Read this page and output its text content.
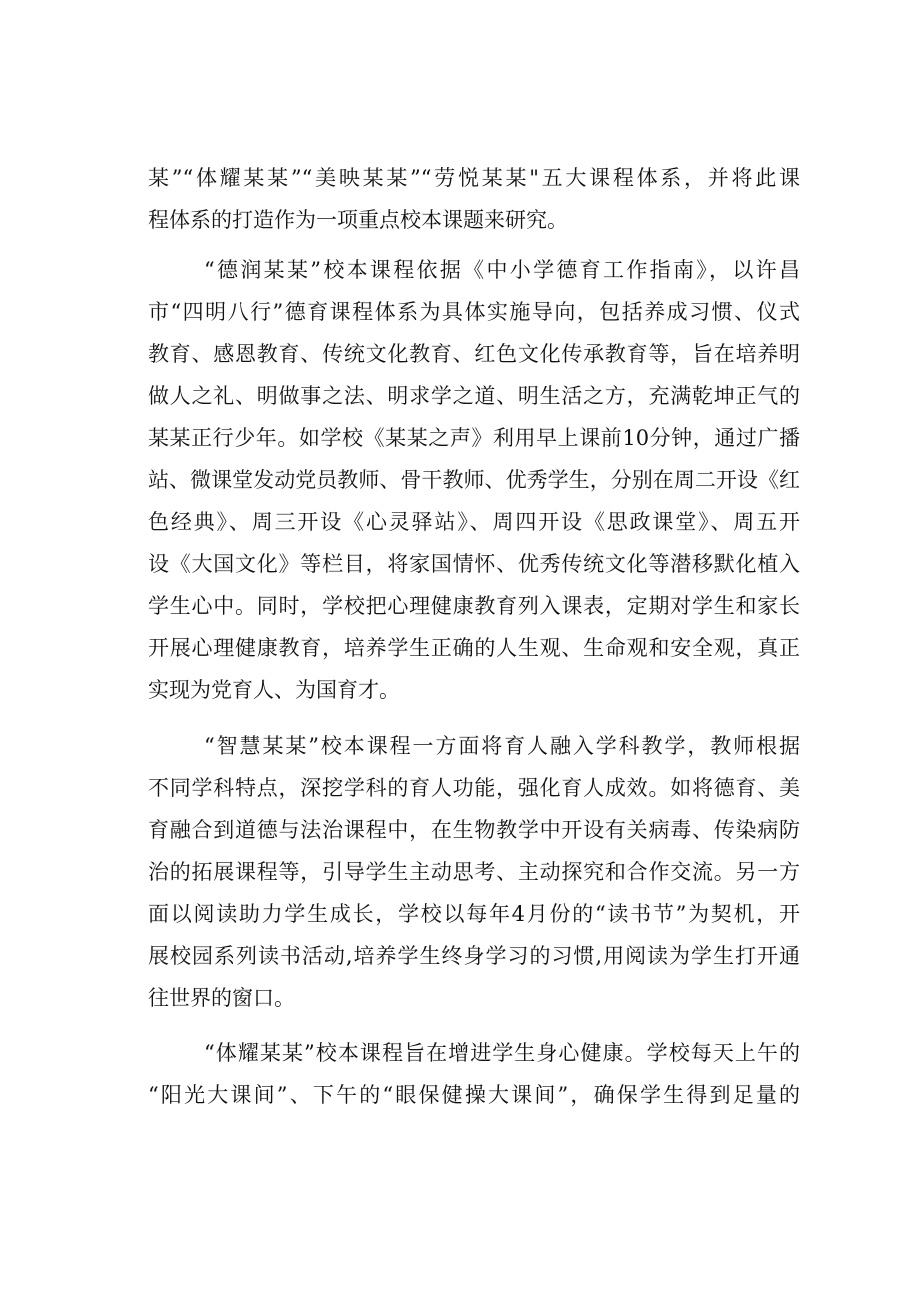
某”“体耀某某”“美映某某”“劳悦某某"五大课程体系，并将此课
程体系的打造作为一项重点校本课题来研究。
“德润某某”校本课程依据《中小学德育工作指南》，以许昌
市“四明八行”德育课程体系为具体实施导向，包括养成习惯、仪式
教育、感恩教育、传统文化教育、红色文化传承教育等，旨在培养明
做人之礼、明做事之法、明求学之道、明生活之方，充满乾坤正气的
某某正行少年。如学校《某某之声》利用早上课前10分钟，通过广播
站、微课堂发动党员教师、骨干教师、优秀学生，分别在周二开设《红
色经典》、周三开设《心灵驿站》、周四开设《思政课堂》、周五开
设《大国文化》等栏目，将家国情怀、优秀传统文化等潜移默化植入
学生心中。同时，学校把心理健康教育列入课表，定期对学生和家长
开展心理健康教育，培养学生正确的人生观、生命观和安全观，真正
实现为党育人、为国育才。
“智慧某某”校本课程一方面将育人融入学科教学，教师根据
不同学科特点，深挖学科的育人功能，强化育人成效。如将德育、美
育融合到道德与法治课程中，在生物教学中开设有关病毒、传染病防
治的拓展课程等，引导学生主动思考、主动探究和合作交流。另一方
面以阅读助力学生成长，学校以每年4月份的“读书节”为契机，开
展校园系列读书活动,培养学生终身学习的习惯,用阅读为学生打开通
往世界的窗口。
“体耀某某”校本课程旨在增进学生身心健康。学校每天上午的
“阳光大课间”、下午的“眼保健操大课间”，确保学生得到足量的
